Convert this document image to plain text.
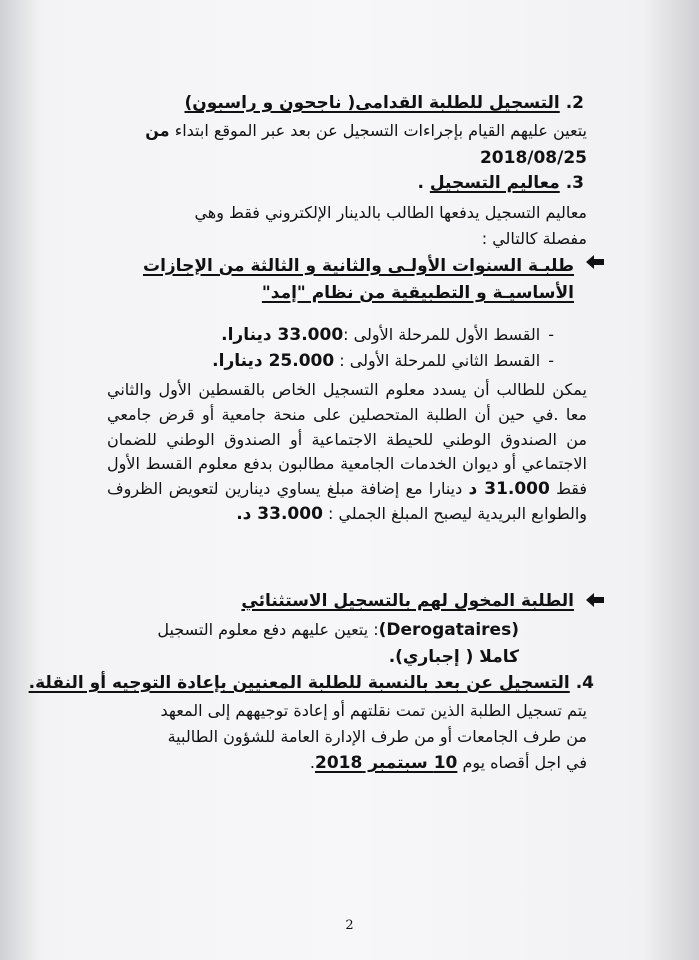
2. التسجيل للطلبة القدامى( ناجحون و راسبون)
يتعين عليهم القيام بإجراءات التسجيل عن بعد عبر الموقع ابتداء من
2018/08/25
3. معاليم التسجيل .
معاليم التسجيل يدفعها الطالب بالدينار الإلكتروني فقط وهي
مفصلة كالتالي :
طلبـة السنوات الأولـى والثانية و الثالثة من الإجازات
الأساسيـة و التطبيقية من نظام "إمد"
-القسط الأول للمرحلة الأولى :33.000 دينارا.
-القسط الثاني للمرحلة الأولى : 25.000 دينارا.
يمكن للطالب أن يسدد معلوم التسجيل الخاص بالقسطين الأول والثاني معا .في حين أن الطلبة المتحصلين على منحة جامعية أو قرض جامعي من الصندوق الوطني للحيطة الاجتماعية أو الصندوق الوطني للضمان الاجتماعي أو ديوان الخدمات الجامعية مطالبون بدفع معلوم القسط الأول فقط 31.000 د دينارا مع إضافة مبلغ يساوي دينارين لتعويض الظروف والطوابع البريدية ليصبح المبلغ الجملي : 33.000 د.
الطلبة المخول لهم بالتسجيل الاستثنائي
(Derogataires): يتعين عليهم دفع معلوم التسجيل
كاملا ( إجباري).
4. التسجيل عن بعد بالنسبة للطلبة المعنيين بإعادة التوجيه أو النقلة.
يتم تسجيل الطلبة الذين تمت نقلتهم أو إعادة توجيههم إلى المعهد
من طرف الجامعات أو من طرف الإدارة العامة للشؤون الطالبية
في اجل أقصاه يوم 10 سبتمبر 2018.
2
